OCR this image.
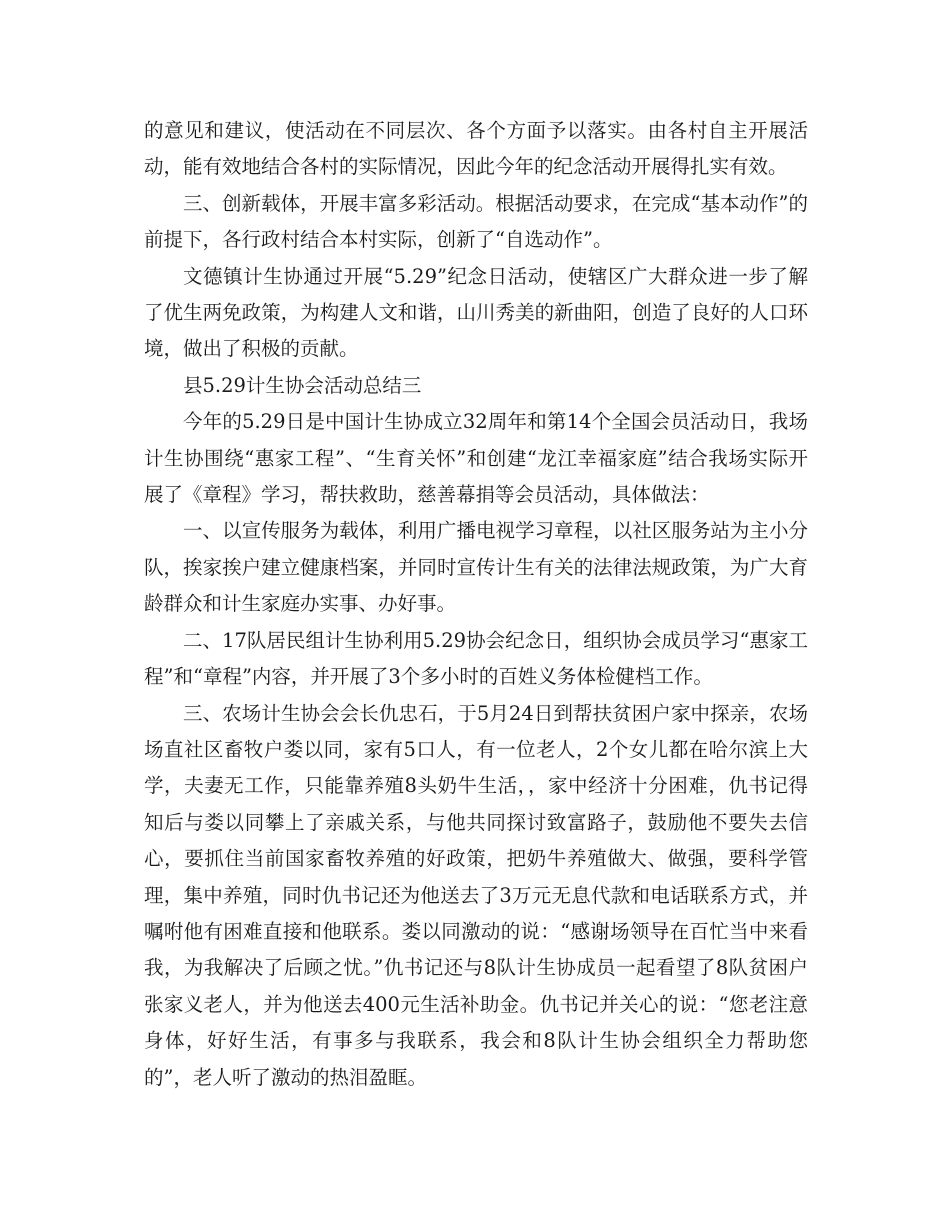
的意见和建议，使活动在不同层次、各个方面予以落实。由各村自主开展活动，能有效地结合各村的实际情况，因此今年的纪念活动开展得扎实有效。

三、创新载体，开展丰富多彩活动。根据活动要求，在完成“基本动作”的前提下，各行政村结合本村实际，创新了“自选动作”。

文德镇计生协通过开展“5.29”纪念日活动，使辖区广大群众进一步了解了优生两免政策，为构建人文和谐，山川秀美的新曲阳，创造了良好的人口环境，做出了积极的贡献。

县5.29计生协会活动总结三

今年的5.29日是中国计生协成立32周年和第14个全国会员活动日，我场计生协围绕“惠家工程”、“生育关怀”和创建“龙江幸福家庭”结合我场实际开展了《章程》学习，帮扶救助，慈善幕捐等会员活动，具体做法：

一、以宣传服务为载体，利用广播电视学习章程，以社区服务站为主小分队，挨家挨户建立健康档案，并同时宣传计生有关的法律法规政策，为广大育龄群众和计生家庭办实事、办好事。

二、17队居民组计生协利用5.29协会纪念日，组织协会成员学习“惠家工程”和“章程”内容，并开展了3个多小时的百姓义务体检健档工作。

三、农场计生协会会长仇忠石，于5月24日到帮扶贫困户家中探亲，农场场直社区畜牧户娄以同，家有5口人，有一位老人，2个女儿都在哈尔滨上大学，夫妻无工作，只能靠养殖8头奶牛生活，，家中经济十分困难，仇书记得知后与娄以同攀上了亲戚关系，与他共同探讨致富路子，鼓励他不要失去信心，要抓住当前国家畜牧养殖的好政策，把奶牛养殖做大、做强，要科学管理，集中养殖，同时仇书记还为他送去了3万元无息代款和电话联系方式，并嘱咐他有困难直接和他联系。娄以同激动的说：“感谢场领导在百忙当中来看我，为我解决了后顾之忧。”仇书记还与8队计生协成员一起看望了8队贫困户张家义老人，并为他送去400元生活补助金。仇书记并关心的说：“您老注意身体，好好生活，有事多与我联系，我会和8队计生协会组织全力帮助您的”，老人听了激动的热泪盈眶。
